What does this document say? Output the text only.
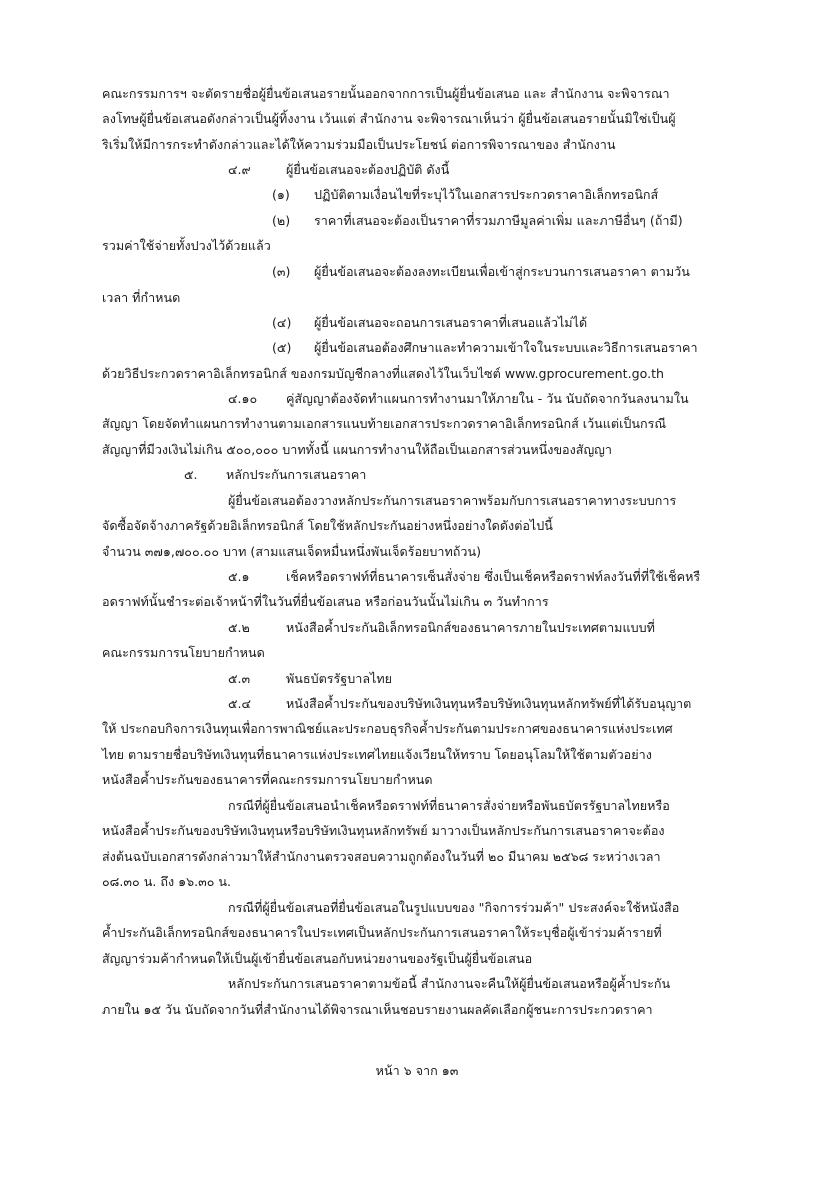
คณะกรรมการฯ จะตัดรายชื่อผู้ยื่นข้อเสนอรายนั้นออกจากการเป็นผู้ยื่นข้อเสนอ และ สำนักงาน จะพิจารณา
ลงโทษผู้ยื่นข้อเสนอดังกล่าวเป็นผู้ทิ้งงาน เว้นแต่ สำนักงาน จะพิจารณาเห็นว่า ผู้ยื่นข้อเสนอรายนั้นมิใช่เป็นผู้
ริเริ่มให้มีการกระทำดังกล่าวและได้ให้ความร่วมมือเป็นประโยชน์ ต่อการพิจารณาของ สำนักงาน
๔.๙	ผู้ยื่นข้อเสนอจะต้องปฏิบัติ ดังนี้
(๑) ปฏิบัติตามเงื่อนไขที่ระบุไว้ในเอกสารประกวดราคาอิเล็กทรอนิกส์
(๒) ราคาที่เสนอจะต้องเป็นราคาที่รวมภาษีมูลค่าเพิ่ม และภาษีอื่นๆ (ถ้ามี)
รวมค่าใช้จ่ายทั้งปวงไว้ด้วยแล้ว
(๓) ผู้ยื่นข้อเสนอจะต้องลงทะเบียนเพื่อเข้าสู่กระบวนการเสนอราคา ตามวัน
เวลา ที่กำหนด
(๔) ผู้ยื่นข้อเสนอจะถอนการเสนอราคาที่เสนอแล้วไม่ได้
(๕) ผู้ยื่นข้อเสนอต้องศึกษาและทำความเข้าใจในระบบและวิธีการเสนอราคา
ด้วยวิธีประกวดราคาอิเล็กทรอนิกส์ ของกรมบัญชีกลางที่แสดงไว้ในเว็บไซต์ www.gprocurement.go.th
๔.๑๐ คู่สัญญาต้องจัดทำแผนการทำงานมาให้ภายใน - วัน นับถัดจากวันลงนามใน
สัญญา โดยจัดทำแผนการทำงานตามเอกสารแนบท้ายเอกสารประกวดราคาอิเล็กทรอนิกส์ เว้นแต่เป็นกรณี
สัญญาที่มีวงเงินไม่เกิน ๕๐๐,๐๐๐ บาททั้งนี้ แผนการทำงานให้ถือเป็นเอกสารส่วนหนึ่งของสัญญา
๕. หลักประกันการเสนอราคา
ผู้ยื่นข้อเสนอต้องวางหลักประกันการเสนอราคาพร้อมกับการเสนอราคาทางระบบการ
จัดซื้อจัดจ้างภาครัฐด้วยอิเล็กทรอนิกส์ โดยใช้หลักประกันอย่างหนึ่งอย่างใดดังต่อไปนี้
จำนวน ๓๗๑,๗๐๐.๐๐ บาท (สามแสนเจ็ดหมื่นหนึ่งพันเจ็ดร้อยบาทถ้วน)
๕.๑	เช็คหรือดราฟท์ที่ธนาคารเซ็นสั่งจ่าย ซึ่งเป็นเช็คหรือดราฟท์ลงวันที่ที่ใช้เช็คหรื
อดราฟท์นั้นชำระต่อเจ้าหน้าที่ในวันที่ยื่นข้อเสนอ หรือก่อนวันนั้นไม่เกิน ๓ วันทำการ
๕.๒	หนังสือค้ำประกันอิเล็กทรอนิกส์ของธนาคารภายในประเทศตามแบบที่
คณะกรรมการนโยบายกำหนด
๕.๓	พันธบัตรรัฐบาลไทย
๕.๔	หนังสือค้ำประกันของบริษัทเงินทุนหรือบริษัทเงินทุนหลักทรัพย์ที่ได้รับอนุญาต
ให้ ประกอบกิจการเงินทุนเพื่อการพาณิชย์และประกอบธุรกิจค้ำประกันตามประกาศของธนาคารแห่งประเทศ
ไทย ตามรายชื่อบริษัทเงินทุนที่ธนาคารแห่งประเทศไทยแจ้งเวียนให้ทราบ โดยอนุโลมให้ใช้ตามตัวอย่าง
หนังสือค้ำประกันของธนาคารที่คณะกรรมการนโยบายกำหนด
กรณีที่ผู้ยื่นข้อเสนอนำเช็คหรือดราฟท์ที่ธนาคารสั่งจ่ายหรือพันธบัตรรัฐบาลไทยหรือ
หนังสือค้ำประกันของบริษัทเงินทุนหรือบริษัทเงินทุนหลักทรัพย์ มาวางเป็นหลักประกันการเสนอราคาจะต้อง
ส่งต้นฉบับเอกสารดังกล่าวมาให้สำนักงานตรวจสอบความถูกต้องในวันที่ ๒๐ มีนาคม ๒๕๖๘ ระหว่างเวลา
๐๘.๓๐ น. ถึง ๑๖.๓๐ น.
กรณีที่ผู้ยื่นข้อเสนอที่ยื่นข้อเสนอในรูปแบบของ "กิจการร่วมค้า" ประสงค์จะใช้หนังสือ
ค้ำประกันอิเล็กทรอนิกส์ของธนาคารในประเทศเป็นหลักประกันการเสนอราคาให้ระบุชื่อผู้เข้าร่วมค้ารายที่
สัญญาร่วมค้ากำหนดให้เป็นผู้เข้ายื่นข้อเสนอกับหน่วยงานของรัฐเป็นผู้ยื่นข้อเสนอ
หลักประกันการเสนอราคาตามข้อนี้ สำนักงานจะคืนให้ผู้ยื่นข้อเสนอหรือผู้ค้ำประกัน
ภายใน ๑๕ วัน นับถัดจากวันที่สำนักงานได้พิจารณาเห็นชอบรายงานผลคัดเลือกผู้ชนะการประกวดราคา
หน้า ๖ จาก ๑๓
